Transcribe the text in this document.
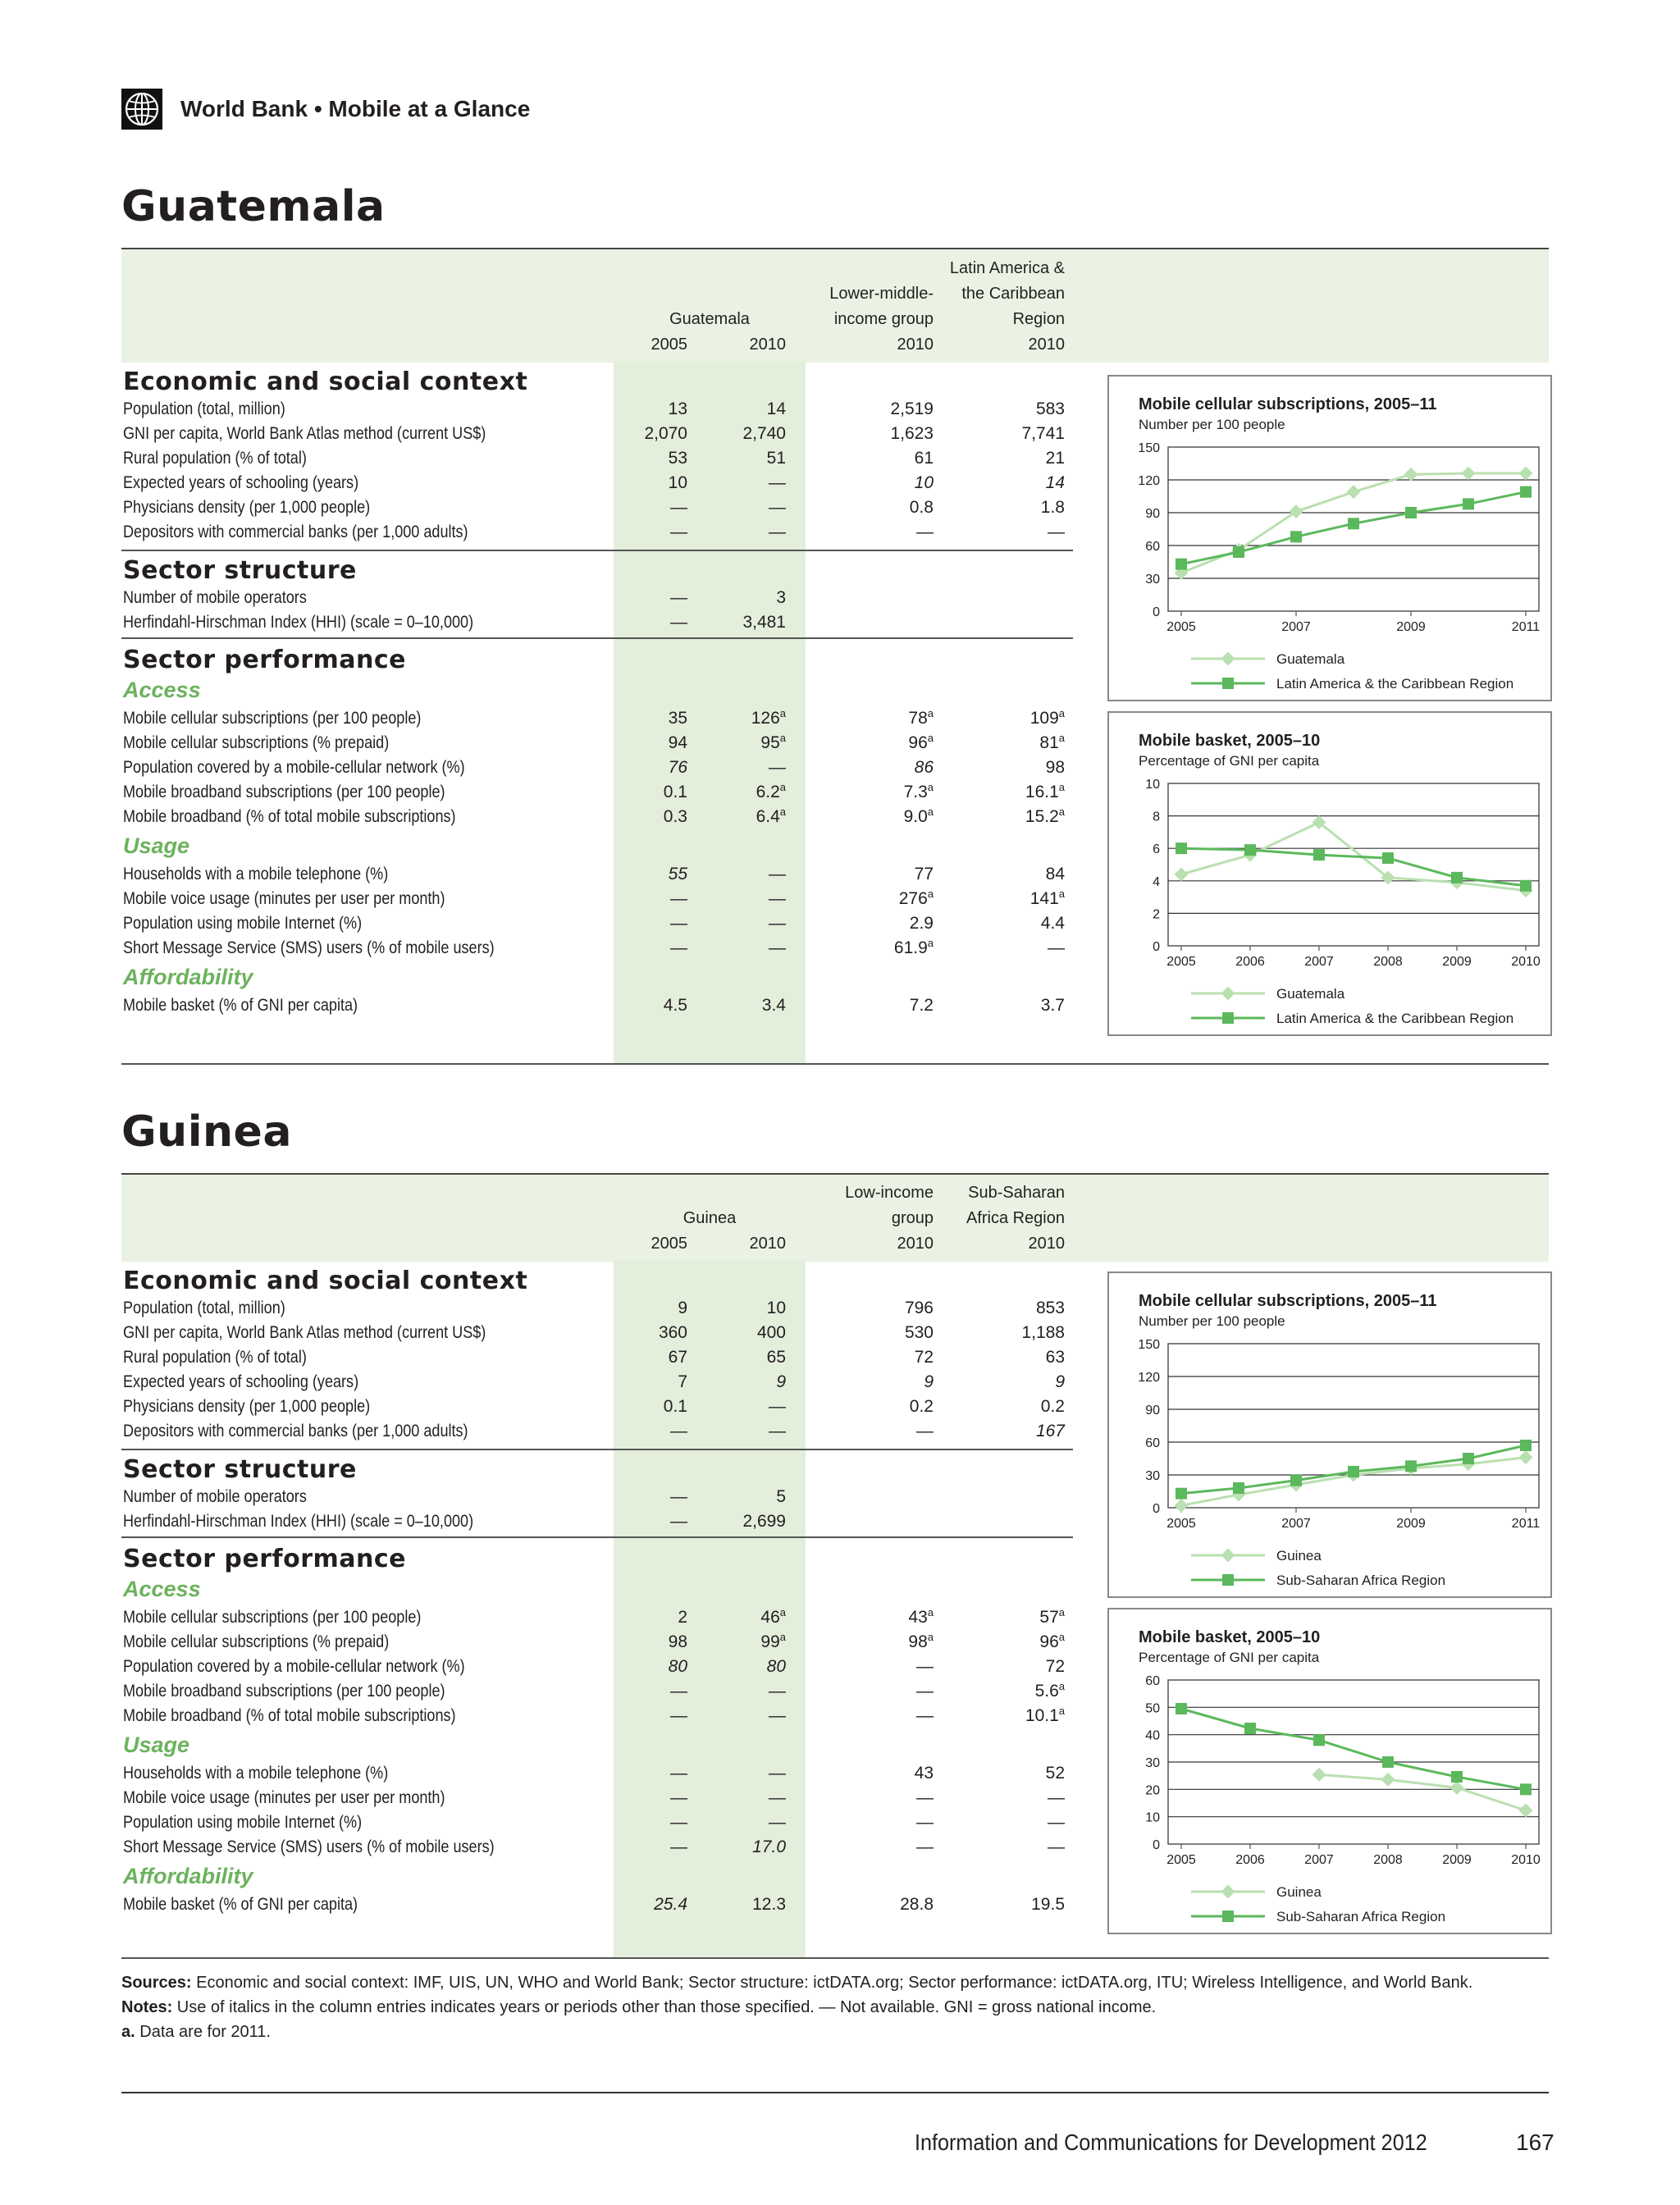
World Bank • Mobile at a Glance
Guatemala
Guatemala
Lower-middle-
income group
Latin America &
the Caribbean
Region
2005	2010	2010	2010
Economic and social context
Population (total, million)	13	14	2,519	583
GNI per capita, World Bank Atlas method (current US$)	2,070	2,740	1,623	7,741
Rural population (% of total)	53	51	61	21
Expected years of schooling (years)	10	—	10	14
Physicians density (per 1,000 people)	—	—	0.8	1.8
Depositors with commercial banks (per 1,000 adults)	—	—	—	—
Number of mobile operators	—	3
Herfindahl-Hirschman Index (HHI) (scale = 0–10,000)	—	3,481
Mobile cellular subscriptions (per 100 people)	35	126$^a$	78$^a$	109$^a$
Mobile cellular subscriptions (% prepaid)	94	95$^a$	96$^a$	81$^a$
Population covered by a mobile-cellular network (%)	76	—	86	98
Mobile broadband subscriptions (per 100 people)	0.1	6.2$^a$	7.3$^a$	16.1$^a$
Mobile broadband (% of total mobile subscriptions)	0.3	6.4$^a$	9.0$^a$	15.2$^a$
Households with a mobile telephone (%)	55	—	77	84
Mobile voice usage (minutes per user per month)	—	—	276$^a$	141$^a$
Population using mobile Internet (%)	—	—	2.9	4.4
Short Message Service (SMS) users (% of mobile users)	—	—	61.9$^a$	—
Mobile basket (% of GNI per capita)	4.5	3.4	7.2	3.7
Sector structure
Sector performance
Access
Usage
Affordability
Mobile cellular subscriptions, 2005–11
Number per 100 people
0
30
60
90
120
150
2005	2007	2009	2011
Guatemala
Latin America & the Caribbean Region
Mobile basket, 2005–10
Percentage of GNI per capita
0
2
4
6
8
10
2005	2006	2007	2008	2009	2010
Guatemala
Latin America & the Caribbean Region
Guinea
Guinea
Low-income
group
Sub-Saharan
Africa Region
2005	2010	2010	2010
Economic and social context
Population (total, million)	9	10	796	853
GNI per capita, World Bank Atlas method (current US$)	360	400	530	1,188
Rural population (% of total)	67	65	72	63
Expected years of schooling (years)	7	9	9	9
Physicians density (per 1,000 people)	0.1	—	0.2	0.2
Depositors with commercial banks (per 1,000 adults)	—	—	—	167
Number of mobile operators	—	5
Herfindahl-Hirschman Index (HHI) (scale = 0–10,000)	—	2,699
Mobile cellular subscriptions (per 100 people)	2	46$^a$	43$^a$	57$^a$
Mobile cellular subscriptions (% prepaid)	98	99$^a$	98$^a$	96$^a$
Population covered by a mobile-cellular network (%)	80	80	—	72
Mobile broadband subscriptions (per 100 people)	—	—	—	5.6$^a$
Mobile broadband (% of total mobile subscriptions)	—	—	—	10.1$^a$
Households with a mobile telephone (%)	—	—	43	52
Mobile voice usage (minutes per user per month)	—	—	—	—
Population using mobile Internet (%)	—	—	—	—
Short Message Service (SMS) users (% of mobile users)	—	17.0	—	—
Mobile basket (% of GNI per capita)	25.4	12.3	28.8	19.5
Sector structure
Sector performance
Access
Usage
Affordability
Mobile cellular subscriptions, 2005–11
Number per 100 people
0
30
60
90
120
150
2005	2007	2009	2011
Guinea
Sub-Saharan Africa Region
Mobile basket, 2005–10
Percentage of GNI per capita
0
10
20
30
40
50
60
2005	2006	2007	2008	2009	2010
Guinea
Sub-Saharan Africa Region
Sources: Economic and social context: IMF, UIS, UN, WHO and World Bank; Sector structure: ictDATA.org; Sector performance: ictDATA.org, ITU; Wireless Intelligence, and World Bank.
Notes: Use of italics in the column entries indicates years or periods other than those specified. — Not available. GNI = gross national income.
a. Data are for 2011.
Information and Communications for Development 2012	167
